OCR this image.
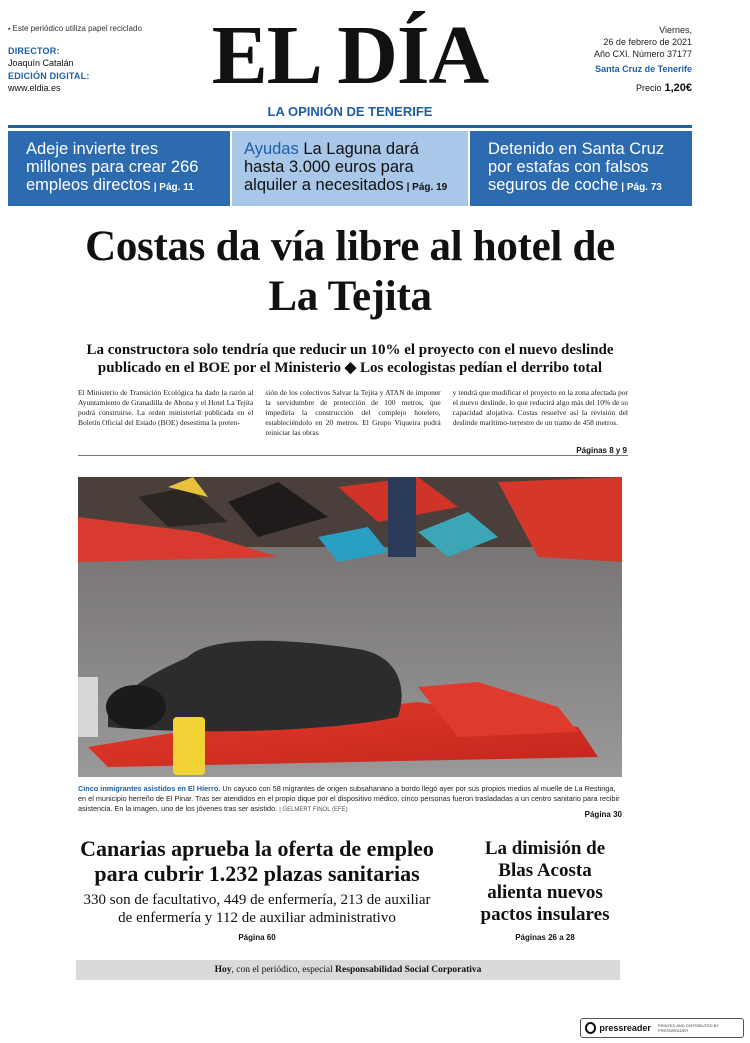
▪ Este periódico utiliza papel reciclado
DIRECTOR:
Joaquín Catalán
EDICIÓN DIGITAL:
www.eldia.es EL DÍA
LA OPINIÓN DE TENERIFE
Viernes,
26 de febrero de 2021
Año CXI. Número 37177
Santa Cruz de Tenerife
Precio 1,20€
Adeje invierte tres millones para crear 266 empleos directos | Pág. 11
Ayudas La Laguna dará hasta 3.000 euros para alquiler a necesitados | Pág. 19
Detenido en Santa Cruz por estafas con falsos seguros de coche | Pág. 73
Costas da vía libre al hotel de La Tejita
La constructora solo tendría que reducir un 10% el proyecto con el nuevo deslinde publicado en el BOE por el Ministerio ◆ Los ecologistas pedían el derribo total

El Ministerio de Transición Ecológica ha dado la razón al Ayuntamiento de Granadilla de Abona y el Hotel La Tejita podrá construirse. La orden ministerial publicada en el Boletín Oficial del Estado (BOE) desestima la preten-

sión de los colectivos Salvar la Tejita y ATAN de imponer la servidumbre de protección de 100 metros, que impediría la construcción del complejo hotelero, estableciéndolo en 20 metros. El Grupo Viqueira podrá reiniciar las obras

y tendrá que modificar el proyecto en la zona afectada por el nuevo deslinde, lo que reducirá algo más del 10% de su capacidad alojativa. Costas resuelve así la revisión del deslinde marítimo-terrestre de un tramo de 458 metros.

Páginas 8 y 9
Cinco inmigrantes asistidos en El Hierro. Un cayuco con 58 migrantes de origen subsahariano a bordo llegó ayer por sus propios medios al muelle de La Restinga, en el municipio herreño de El Pinar. Tras ser atendidos en el propio dique por el dispositivo médico, cinco personas fueron trasladadas a un centro sanitario para recibir asistencia. En la imagen, uno de los jóvenes tras ser asistido. | GELMERT FINOL (EFE)	Página 30
Canarias aprueba la oferta de empleo para cubrir 1.232 plazas sanitarias
330 son de facultativo, 449 de enfermería, 213 de auxiliar de enfermería y 112 de auxiliar administrativo
Página 60
La dimisión de Blas Acosta alienta nuevos pactos insulares
Páginas 26 a 28
Hoy, con el periódico, especial Responsabilidad Social Corporativa
pressreader PRINTED AND DISTRIBUTED BY PRESSREADER
